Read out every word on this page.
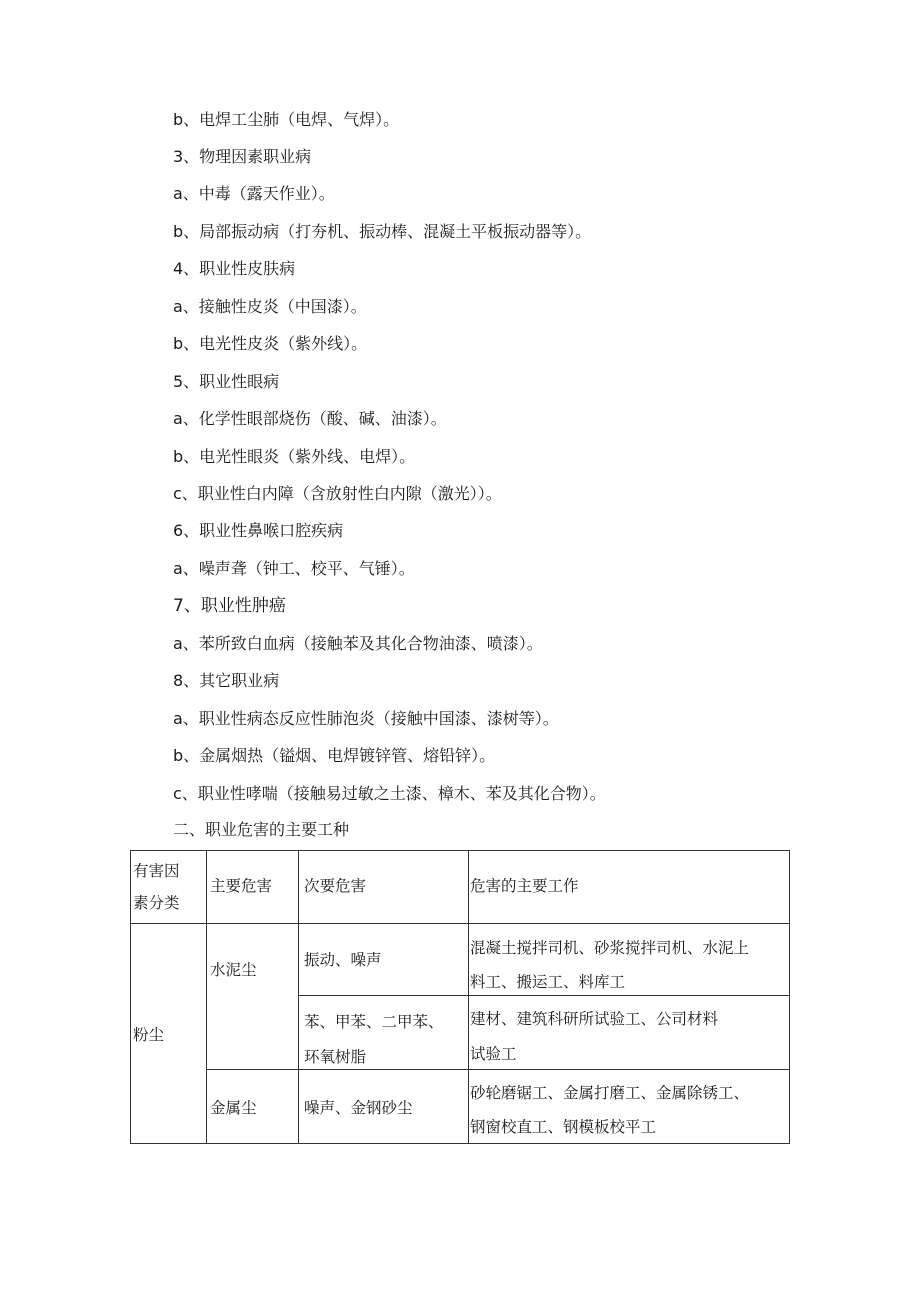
b、电焊工尘肺（电焊、气焊）。
3、物理因素职业病
a、中毒（露天作业）。
b、局部振动病（打夯机、振动棒、混凝土平板振动器等）。
4、职业性皮肤病
a、接触性皮炎（中国漆）。
b、电光性皮炎（紫外线）。
5、职业性眼病
a、化学性眼部烧伤（酸、碱、油漆）。
b、电光性眼炎（紫外线、电焊）。
c、职业性白内障（含放射性白内隙（激光））。
6、职业性鼻喉口腔疾病
a、噪声聋（钟工、校平、气锤）。
7、职业性肿癌
a、苯所致白血病（接触苯及其化合物油漆、喷漆）。
8、其它职业病
a、职业性病态反应性肺泡炎（接触中国漆、漆树等）。
b、金属烟热（镒烟、电焊镀锌管、熔铅锌）。
c、职业性哮喘（接触易过敏之土漆、樟木、苯及其化合物）。
二、职业危害的主要工种
有害因
素分类
主要危害 次要危害	危害的主要工作
粉尘
水泥尘
振动、噪声
混凝土搅拌司机、砂浆搅拌司机、水泥上
料工、搬运工、料库工
苯、甲苯、二甲苯、
环氧树脂
建材、建筑科研所试验工、公司材料
试验工
金属尘	噪声、金钢砂尘
砂轮磨锯工、金属打磨工、金属除锈工、
钢窗校直工、钢模板校平工
